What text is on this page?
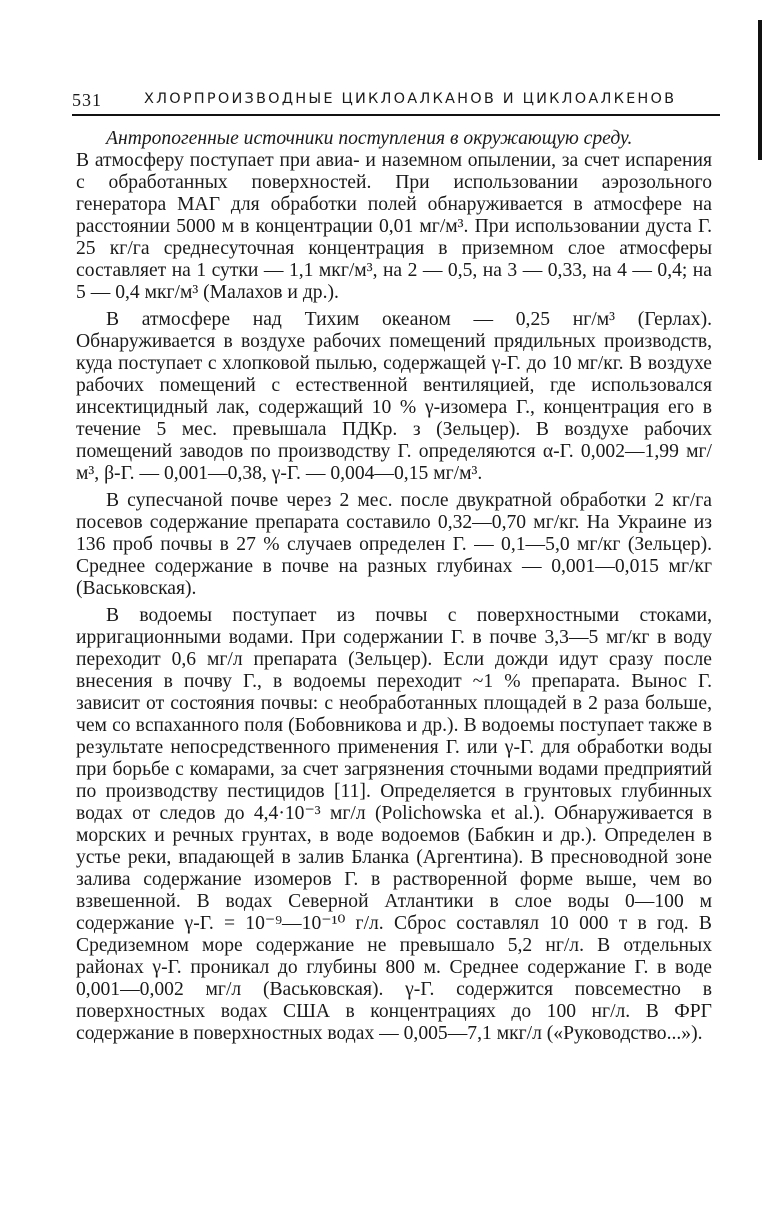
531	ХЛОРПРОИЗВОДНЫЕ ЦИКЛОАЛКАНОВ И ЦИКЛОАЛКЕНОВ

Антропогенные источники поступления в окружающую среду.
В атмосферу поступает при авиа- и наземном опылении, за счет испарения с обработанных поверхностей. При использовании аэрозольного генератора МАГ для обработки полей обнаруживается в атмосфере на расстоянии 5000 м в концентрации 0,01 мг/м³. При использовании дуста Г. 25 кг/га среднесуточная концентрация в приземном слое атмосферы составляет на 1 сутки — 1,1 мкг/м³, на 2 — 0,5, на 3 — 0,33, на 4 — 0,4; на 5 — 0,4 мкг/м³ (Малахов и др.).

В атмосфере над Тихим океаном — 0,25 нг/м³ (Герлах). Обнаруживается в воздухе рабочих помещений прядильных производств, куда поступает с хлопковой пылью, содержащей γ-Г. до 10 мг/кг. В воздухе рабочих помещений с естественной вентиляцией, где использовался инсектицидный лак, содержащий 10 % γ-изомера Г., концентрация его в течение 5 мес. превышала ПДКр. з (Зельцер). В воздухе рабочих помещений заводов по производству Г. определяются α-Г. 0,002—1,99 мг/м³, β-Г. — 0,001—0,38, γ-Г. — 0,004—0,15 мг/м³.

В супесчаной почве через 2 мес. после двукратной обработки 2 кг/га посевов содержание препарата составило 0,32—0,70 мг/кг. На Украине из 136 проб почвы в 27 % случаев определен Г. — 0,1—5,0 мг/кг (Зельцер). Среднее содержание в почве на разных глубинах — 0,001—0,015 мг/кг (Васьковская).

В водоемы поступает из почвы с поверхностными стоками, ирригационными водами. При содержании Г. в почве 3,3—5 мг/кг в воду переходит 0,6 мг/л препарата (Зельцер). Если дожди идут сразу после внесения в почву Г., в водоемы переходит ~1 % препарата. Вынос Г. зависит от состояния почвы: с необработанных площадей в 2 раза больше, чем со вспаханного поля (Бобовникова и др.). В водоемы поступает также в результате непосредственного применения Г. или γ-Г. для обработки воды при борьбе с комарами, за счет загрязнения сточными водами предприятий по производству пестицидов [11]. Определяется в грунтовых глубинных водах от следов до 4,4·10⁻³ мг/л (Polichowska et al.). Обнаруживается в морских и речных грунтах, в воде водоемов (Бабкин и др.). Определен в устье реки, впадающей в залив Бланка (Аргентина). В пресноводной зоне залива содержание изомеров Г. в растворенной форме выше, чем во взвешенной. В водах Северной Атлантики в слое воды 0—100 м содержание γ-Г. = 10⁻⁹—10⁻¹⁰ г/л. Сброс составлял 10 000 т в год. В Средиземном море содержание не превышало 5,2 нг/л. В отдельных районах γ-Г. проникал до глубины 800 м. Среднее содержание Г. в воде 0,001—0,002 мг/л (Васьковская). γ-Г. содержится повсеместно в поверхностных водах США в концентрациях до 100 нг/л. В ФРГ содержание в поверхностных водах — 0,005—7,1 мкг/л («Руководство...»).
